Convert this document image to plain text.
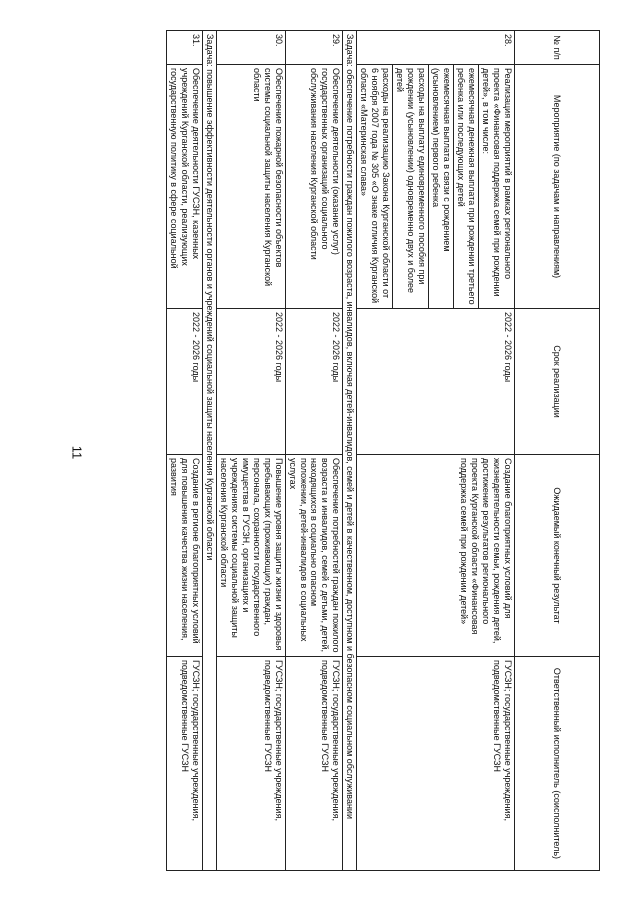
11
№ п/п	Мероприятие (по задачам и направлениям)	Срок реализации	Ожидаемый конечный результат	Ответственный исполнитель (соисполнитель)
28.	Реализация мероприятий в рамках регионального проекта «Финансовая поддержка семей при рождении детей», в том числе:	2022 - 2026 годы	Создание благоприятных условий для жизнедеятельности семьи, рождения детей, достижение результатов регионального проекта Курганской области «Финансовая поддержка семей при рождении детей»	ГУСЗН; государственные учреждения, подведомственные ГУСЗН
	ежемесячная денежная выплата при рождении третьего ребенка или последующих детей			
	ежемесячная выплата в связи с рождением (усыновлением) первого ребенка			
	расходы на выплату единовременного пособия при рождении (усыновлении) одновременно двух и более детей			
	расходы на реализацию Закона Курганской области от 6 ноября 2007 года № 305 «О знаке отличия Курганской области «Материнская слава»			
Задача: обеспечение потребности граждан пожилого возраста, инвалидов, включая детей-инвалидов, семей и детей в качественном, доступном и безопасном социальном обслуживании				
29.	Обеспечение деятельности (оказание услуг) государственных организаций социального обслуживания населения Курганской области	2022 - 2026 годы	Обеспечение потребностей граждан пожилого возраста и инвалидов, семей с детьми, детей, находящихся в социально опасном положении, детей-инвалидов в социальных услугах	ГУСЗН; государственные учреждения, подведомственные ГУСЗН
30.	Обеспечение пожарной безопасности объектов системы социальной защиты населения Курганской области	2022 - 2026 годы	Повышение уровня защиты жизни и здоровья пребывающих (проживающих) граждан, персонала, сохранности государственного имущества в ГУСЗН, организациях и учреждениях системы социальной защиты населения Курганской области	ГУСЗН; государственные учреждения, подведомственные ГУСЗН
Задача: повышение эффективности деятельности органов и учреждений социальной защиты населения Курганской области				
31.	Обеспечение деятельности ГУСЗН, казенных учреждений Курганской области, реализующих государственную политику в сфере социальной	2022 - 2026 годы	Создание в регионе благоприятных условий для повышения качества жизни населения, развития	ГУСЗН; государственные учреждения, подведомственные ГУСЗН
